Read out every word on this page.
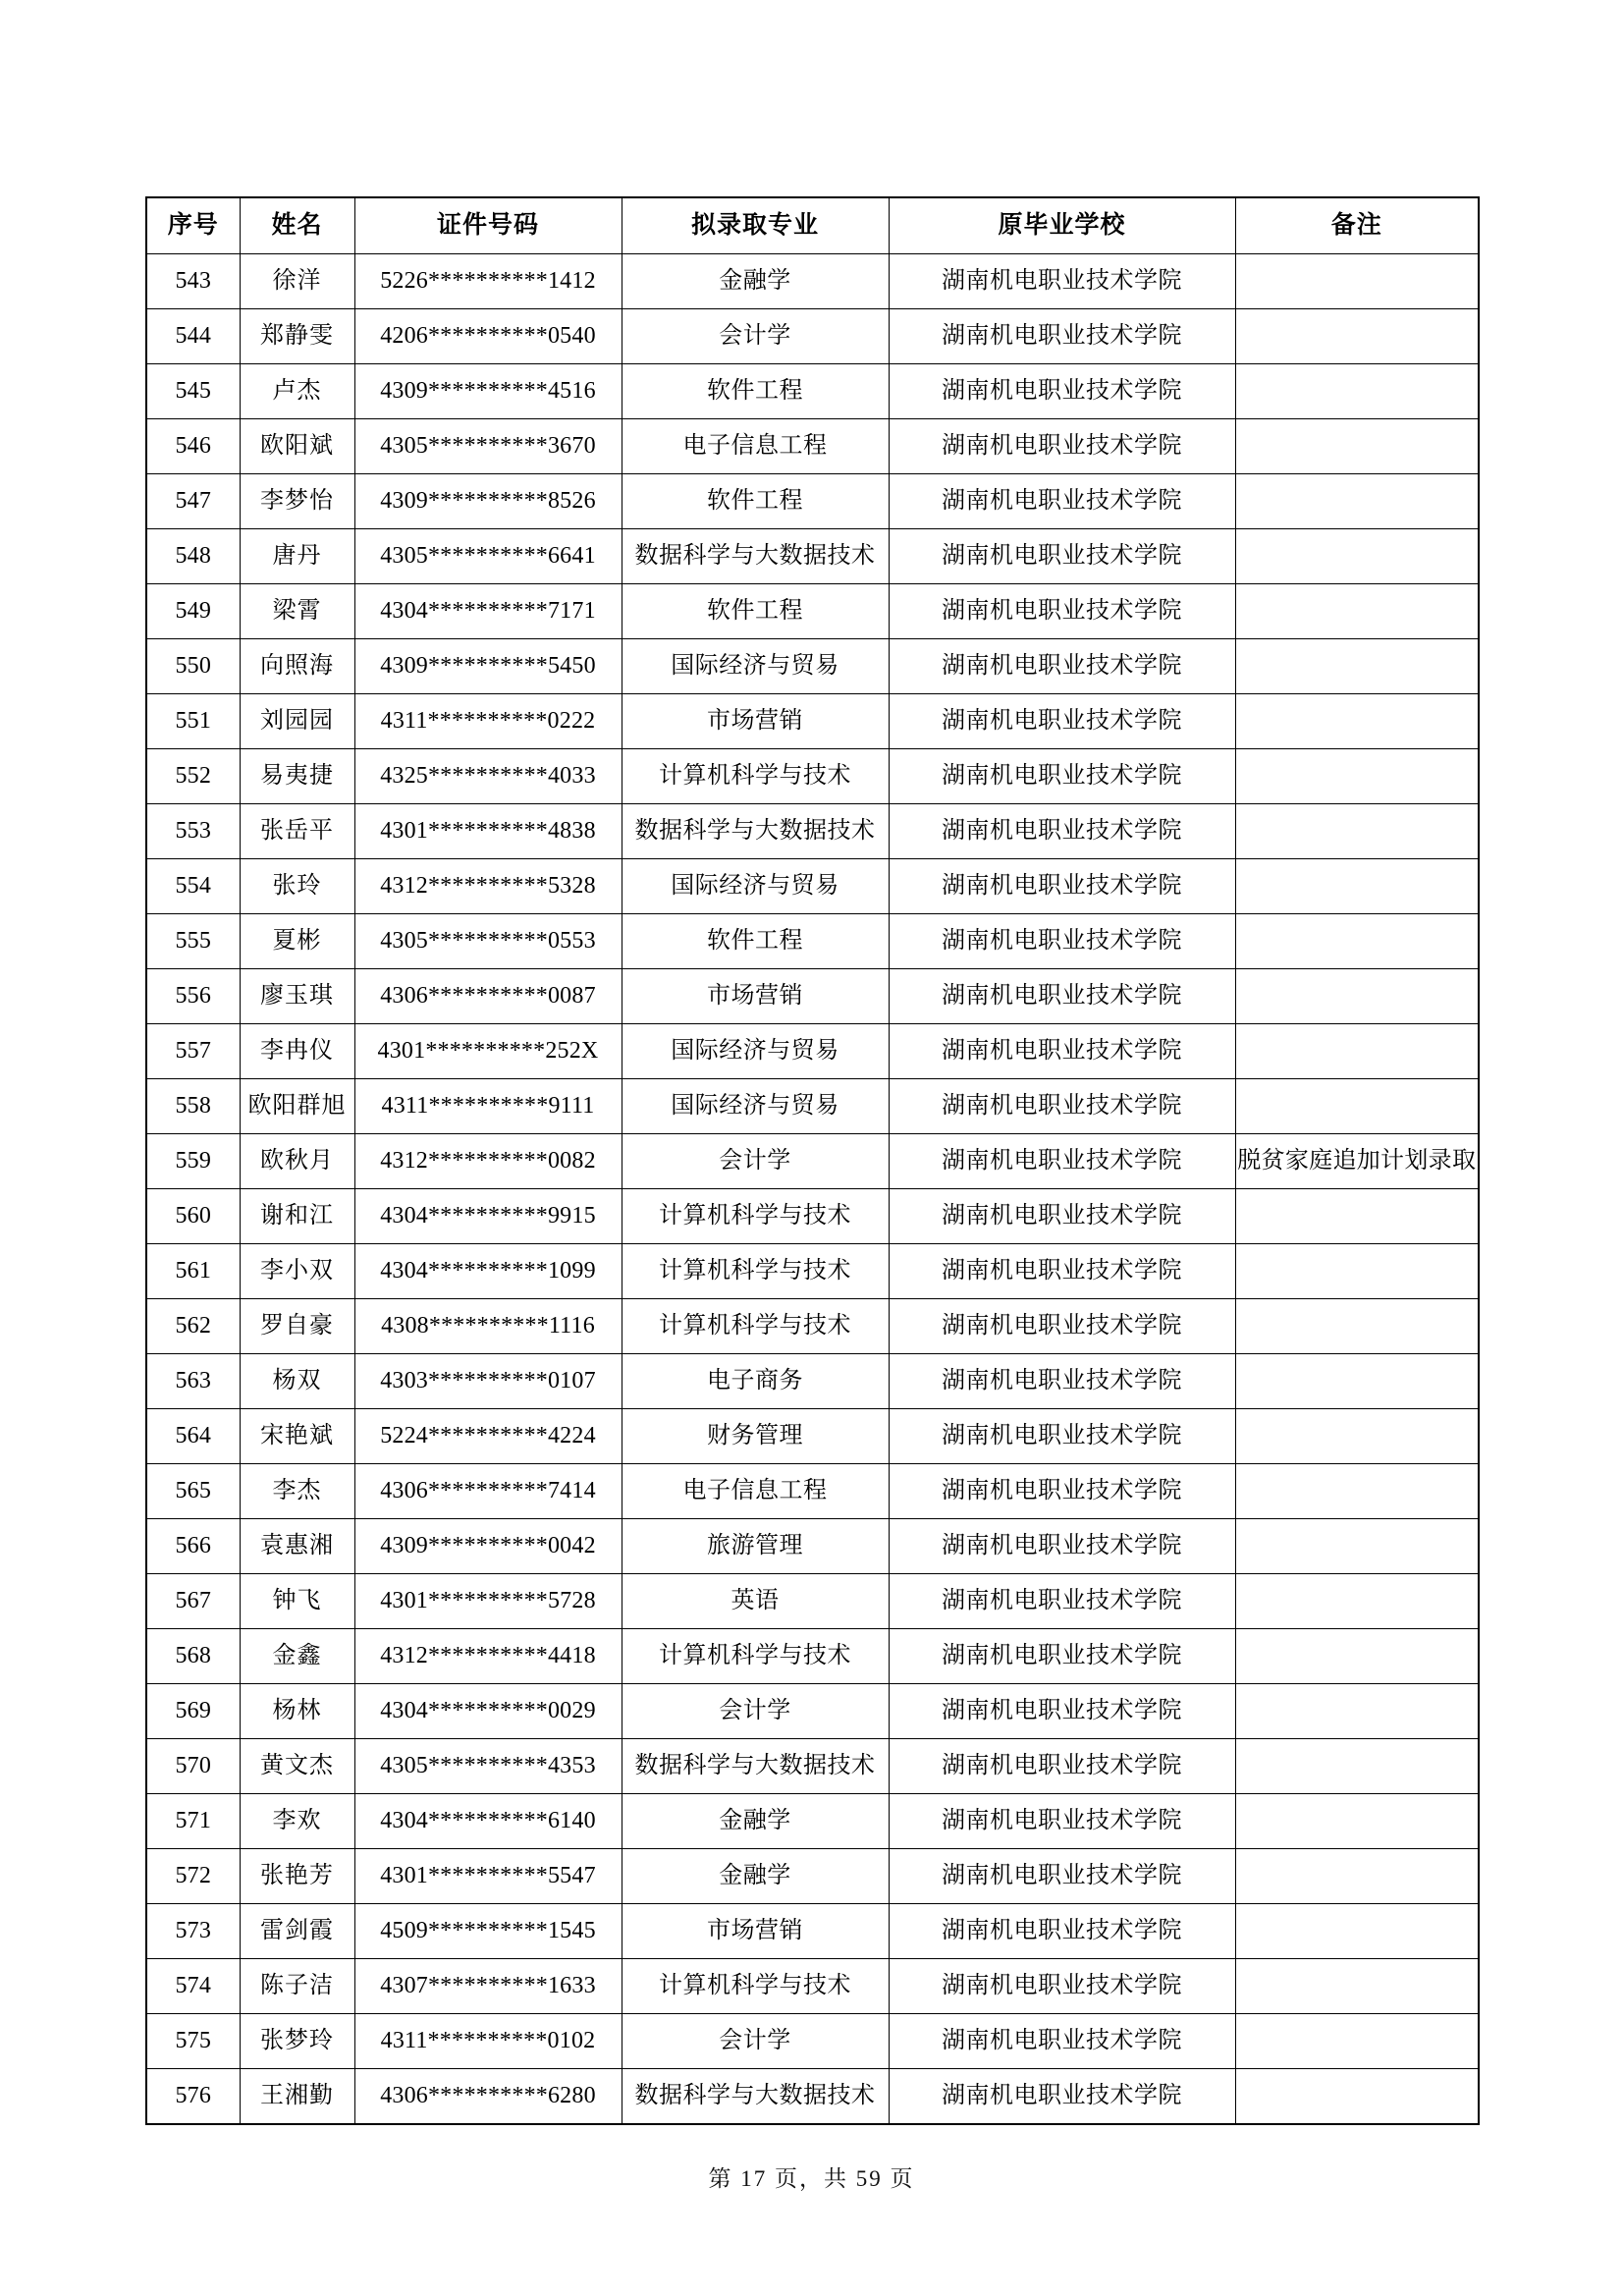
序号	姓名	证件号码	拟录取专业	原毕业学校	备注
543	徐洋	5226**********1412	金融学	湖南机电职业技术学院	
544	郑静雯	4206**********0540	会计学	湖南机电职业技术学院	
545	卢杰	4309**********4516	软件工程	湖南机电职业技术学院	
546	欧阳斌	4305**********3670	电子信息工程	湖南机电职业技术学院	
547	李梦怡	4309**********8526	软件工程	湖南机电职业技术学院	
548	唐丹	4305**********6641	数据科学与大数据技术	湖南机电职业技术学院	
549	梁霄	4304**********7171	软件工程	湖南机电职业技术学院	
550	向照海	4309**********5450	国际经济与贸易	湖南机电职业技术学院	
551	刘园园	4311**********0222	市场营销	湖南机电职业技术学院	
552	易夷捷	4325**********4033	计算机科学与技术	湖南机电职业技术学院	
553	张岳平	4301**********4838	数据科学与大数据技术	湖南机电职业技术学院	
554	张玲	4312**********5328	国际经济与贸易	湖南机电职业技术学院	
555	夏彬	4305**********0553	软件工程	湖南机电职业技术学院	
556	廖玉琪	4306**********0087	市场营销	湖南机电职业技术学院	
557	李冉仪	4301**********252X	国际经济与贸易	湖南机电职业技术学院	
558	欧阳群旭	4311**********9111	国际经济与贸易	湖南机电职业技术学院	
559	欧秋月	4312**********0082	会计学	湖南机电职业技术学院	脱贫家庭追加计划录取
560	谢和江	4304**********9915	计算机科学与技术	湖南机电职业技术学院	
561	李小双	4304**********1099	计算机科学与技术	湖南机电职业技术学院	
562	罗自豪	4308**********1116	计算机科学与技术	湖南机电职业技术学院	
563	杨双	4303**********0107	电子商务	湖南机电职业技术学院	
564	宋艳斌	5224**********4224	财务管理	湖南机电职业技术学院	
565	李杰	4306**********7414	电子信息工程	湖南机电职业技术学院	
566	袁惠湘	4309**********0042	旅游管理	湖南机电职业技术学院	
567	钟飞	4301**********5728	英语	湖南机电职业技术学院	
568	金鑫	4312**********4418	计算机科学与技术	湖南机电职业技术学院	
569	杨林	4304**********0029	会计学	湖南机电职业技术学院	
570	黄文杰	4305**********4353	数据科学与大数据技术	湖南机电职业技术学院	
571	李欢	4304**********6140	金融学	湖南机电职业技术学院	
572	张艳芳	4301**********5547	金融学	湖南机电职业技术学院	
573	雷剑霞	4509**********1545	市场营销	湖南机电职业技术学院	
574	陈子洁	4307**********1633	计算机科学与技术	湖南机电职业技术学院	
575	张梦玲	4311**********0102	会计学	湖南机电职业技术学院	
576	王湘勤	4306**********6280	数据科学与大数据技术	湖南机电职业技术学院	
第 17 页，共 59 页
